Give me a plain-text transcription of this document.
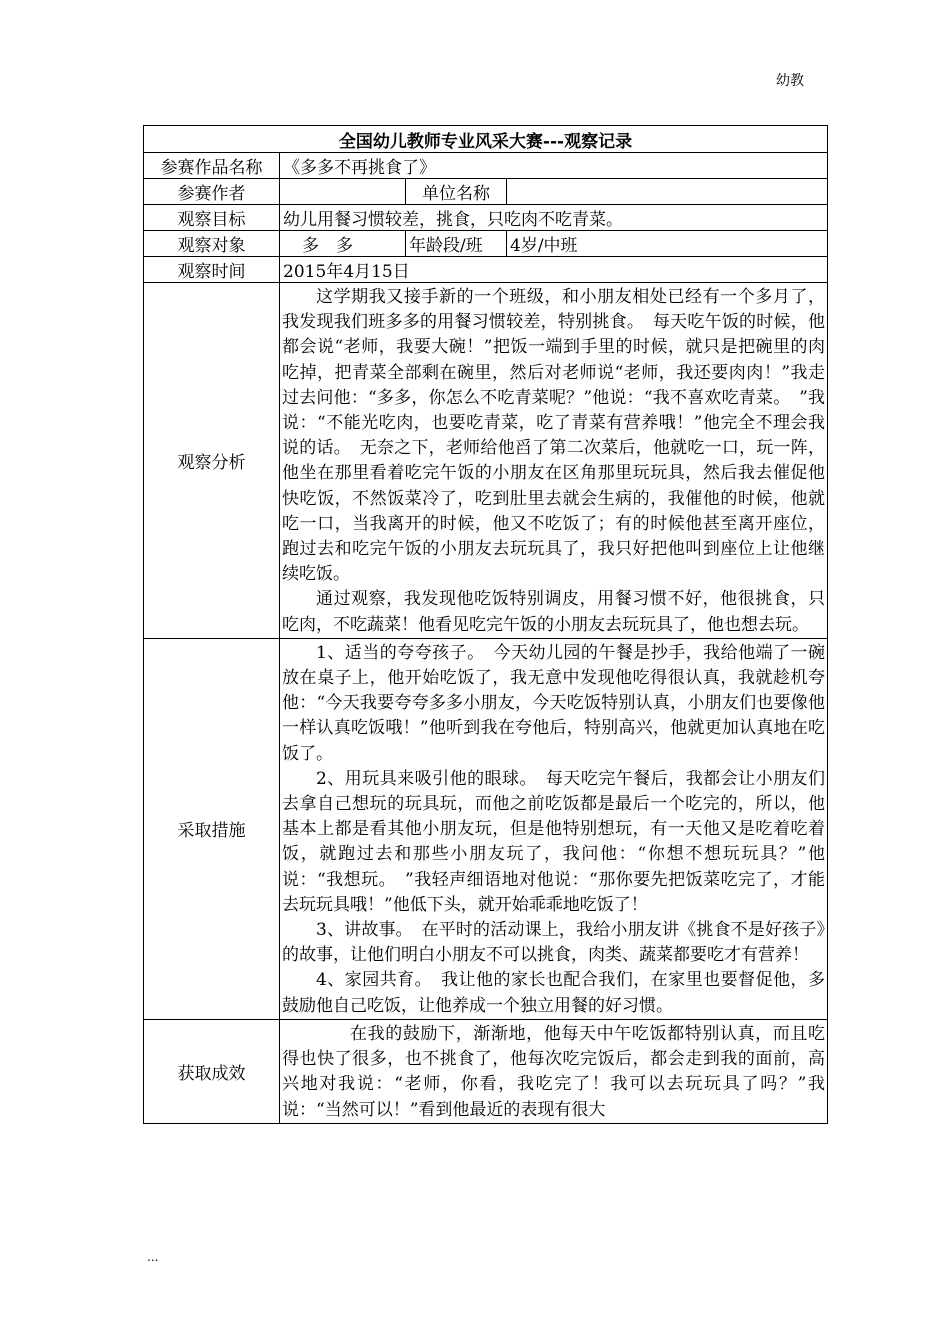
幼教
全国幼儿教师专业风采大赛---观察记录			
参赛作品名称	《多多不再挑食了》		
参赛作者		单位名称	
观察目标	幼儿用餐习惯较差，挑食，只吃肉不吃青菜。		
观察对象	多　多	年龄段/班	4岁/中班
观察时间	2015年4月15日		
观察分析	这学期我又接手新的一个班级，和小朋友相处已经有一个多月了，我发现我们班多多的用餐习惯较差，特别挑食。　每天吃午饭的时候，他都会说“老师，我要大碗！”把饭一端到手里的时候，就只是把碗里的肉吃掉，把青菜全部剩在碗里，然后对老师说“老师，我还要肉肉！”我走过去问他：“多多，你怎么不吃青菜呢？”他说：“我不喜欢吃青菜。　”我说：“不能光吃肉，也要吃青菜，吃了青菜有营养哦！”他完全不理会我说的话。　无奈之下，老师给他舀了第二次菜后，他就吃一口，玩一阵，他坐在那里看着吃完午饭的小朋友在区角那里玩玩具，然后我去催促他快吃饭，不然饭菜冷了，吃到肚里去就会生病的，我催他的时候，他就吃一口，当我离开的时候，他又不吃饭了；有的时候他甚至离开座位，跑过去和吃完午饭的小朋友去玩玩具了，我只好把他叫到座位上让他继续吃饭。

通过观察，我发现他吃饭特别调皮，用餐习惯不好，他很挑食，只吃肉，不吃蔬菜！他看见吃完午饭的小朋友去玩玩具了，他也想去玩。		

采取措施	1、适当的夸夸孩子。　今天幼儿园的午餐是抄手，我给他端了一碗放在桌子上，他开始吃饭了，我无意中发现他吃得很认真，我就趁机夸他：“今天我要夸夸多多小朋友，今天吃饭特别认真，小朋友们也要像他一样认真吃饭哦！”他听到我在夸他后，特别高兴，他就更加认真地在吃饭了。

2、用玩具来吸引他的眼球。　每天吃完午餐后，我都会让小朋友们去拿自己想玩的玩具玩，而他之前吃饭都是最后一个吃完的，所以，他基本上都是看其他小朋友玩，但是他特别想玩，有一天他又是吃着吃着饭，就跑过去和那些小朋友玩了，我问他：“你想不想玩玩具？”他说：“我想玩。　”我轻声细语地对他说：“那你要先把饭菜吃完了，才能去玩玩具哦！”他低下头，就开始乖乖地吃饭了！

3、讲故事。　在平时的活动课上，我给小朋友讲《挑食不是好孩子》的故事，让他们明白小朋友不可以挑食，肉类、蔬菜都要吃才有营养！

4、家园共育。　我让他的家长也配合我们，在家里也要督促他，多鼓励他自己吃饭，让他养成一个独立用餐的好习惯。		

获取成效	在我的鼓励下，渐渐地，他每天中午吃饭都特别认真，而且吃得也快了很多，也不挑食了，他每次吃完饭后，都会走到我的面前，高兴地对我说：“老师，你看，我吃完了！我可以去玩玩具了吗？”我说：“当然可以！”看到他最近的表现有很大		

...
